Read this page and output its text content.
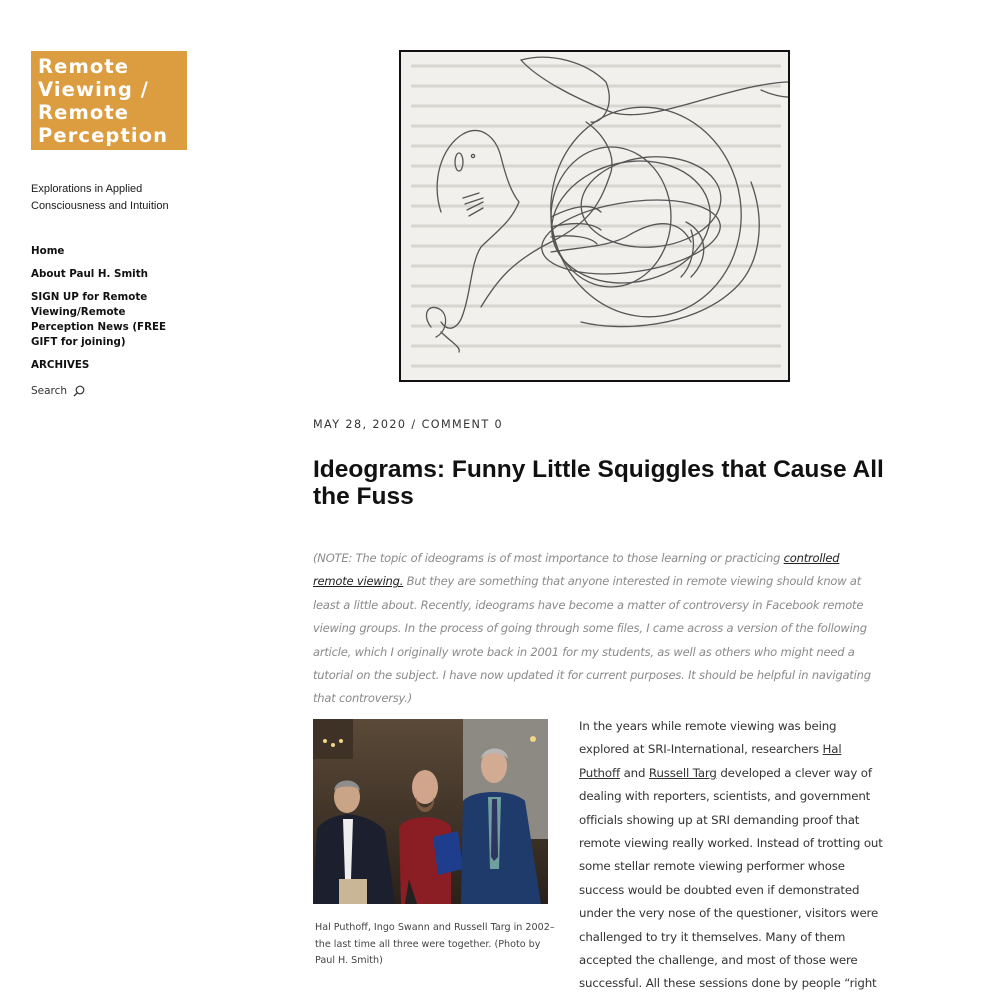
Remote
Viewing /
Remote
Perception
Explorations in Applied Consciousness and Intuition
Home
About Paul H. Smith
SIGN UP for Remote Viewing/Remote Perception News (FREE GIFT for joining)
ARCHIVES
Search
MAY 28, 2020 / COMMENT 0
Ideograms: Funny Little Squiggles that Cause All the Fuss

(NOTE: The topic of ideograms is of most importance to those learning or practicing controlled remote viewing. But they are something that anyone interested in remote viewing should know at least a little about. Recently, ideograms have become a matter of controversy in Facebook remote viewing groups. In the process of going through some files, I came across a version of the following article, which I originally wrote back in 2001 for my students, as well as others who might need a tutorial on the subject. I have now updated it for current purposes. It should be helpful in navigating that controversy.)

Hal Puthoff, Ingo Swann and Russell Targ in 2002–the last time all three were together. (Photo by Paul H. Smith)

In the years while remote viewing was being explored at SRI-International, researchers Hal Puthoff and Russell Targ developed a clever way of dealing with reporters, scientists, and government officials showing up at SRI demanding proof that remote viewing really worked. Instead of trotting out some stellar remote viewing performer whose success would be doubted even if demonstrated under the very nose of the questioner, visitors were challenged to try it themselves. Many of them accepted the challenge, and most of those were successful. All these sessions done by people “right
